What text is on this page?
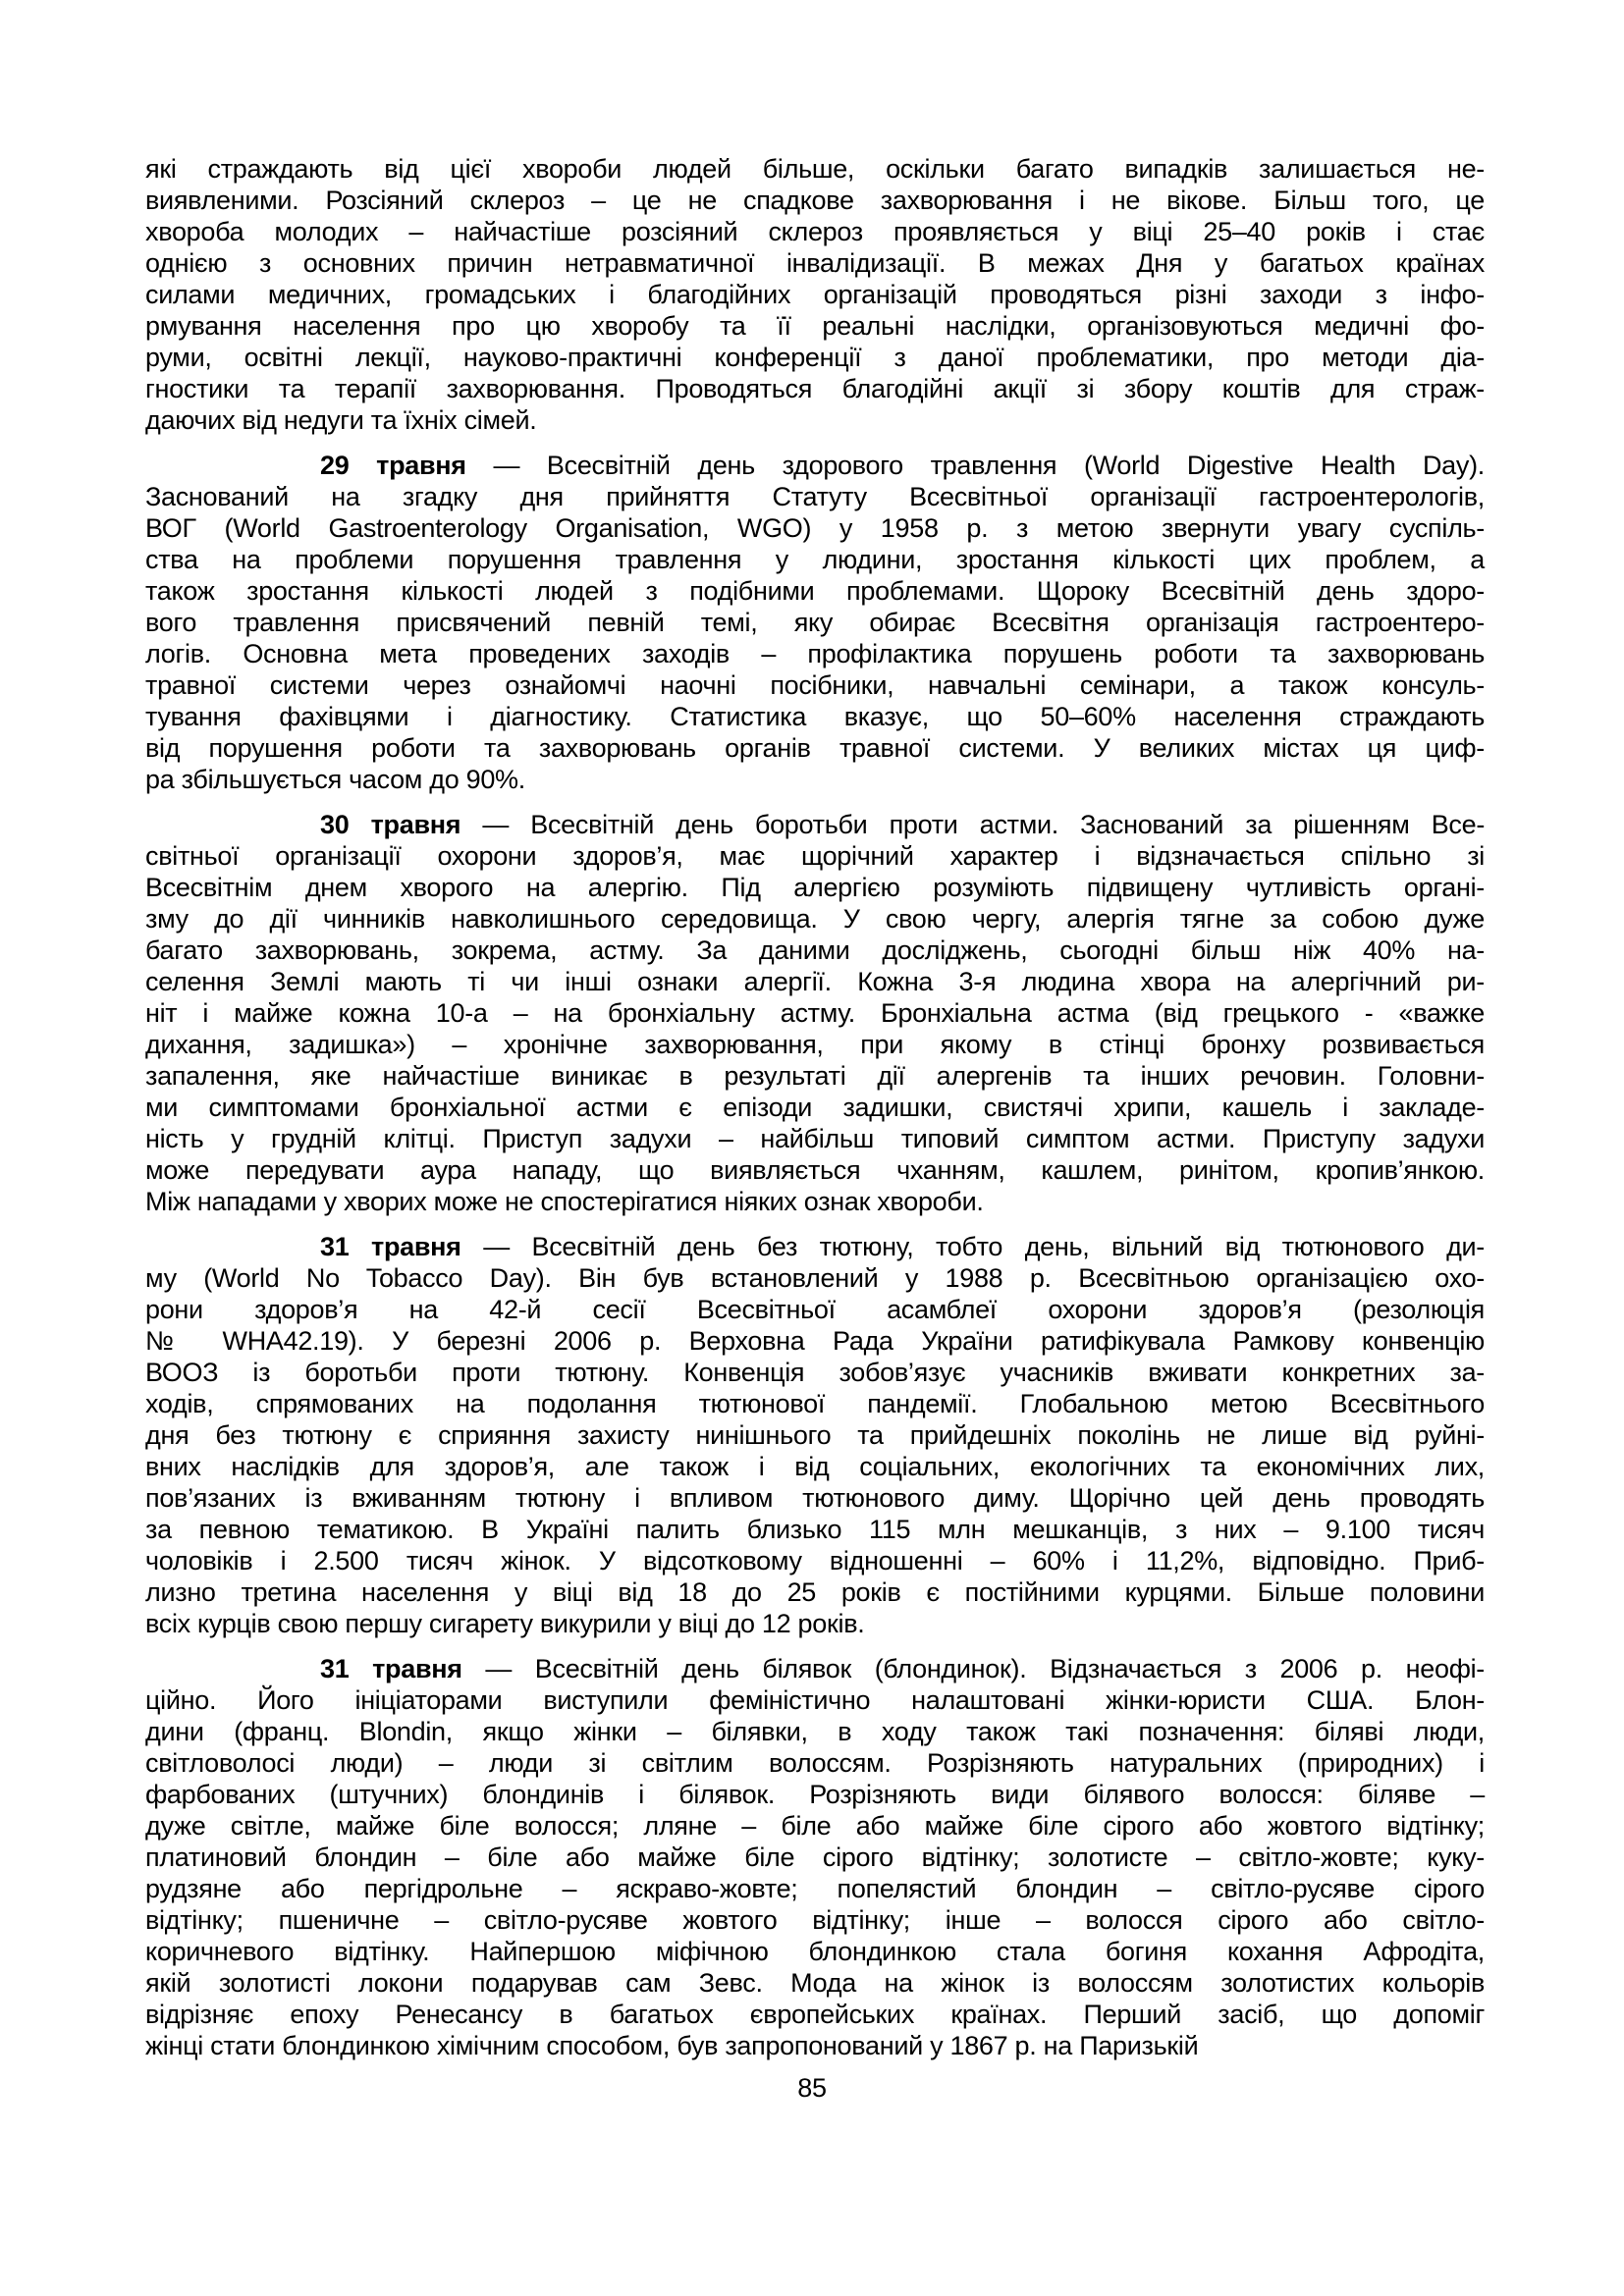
які страждають від цієї хвороби людей більше, оскільки багато випадків залишається не-
виявленими. Розсіяний склероз – це не спадкове захворювання і не вікове. Більш того, це
хвороба молодих – найчастіше розсіяний склероз проявляється у віці 25–40 років і стає
однією з основних причин нетравматичної інвалідизації. В межах Дня у багатьох країнах
силами медичних, громадських і благодійних організацій проводяться різні заходи з інфо-
рмування населення про цю хворобу та її реальні наслідки, організовуються медичні фо-
руми, освітні лекції, науково-практичні конференції з даної проблематики, про методи діа-
гностики та терапії захворювання. Проводяться благодійні акції зі збору коштів для страж-
даючих від недуги та їхніх сімей.
29 травня — Всесвітній день здорового травлення (World Digestive Health Day).
Заснований на згадку дня прийняття Статуту Всесвітньої організації гастроентерологів,
ВОГ (World Gastroenterology Organisation, WGO) у 1958 р. з метою звернути увагу суспіль-
ства на проблеми порушення травлення у людини, зростання кількості цих проблем, а
також зростання кількості людей з подібними проблемами. Щороку Всесвітній день здоро-
вого травлення присвячений певній темі, яку обирає Всесвітня організація гастроентеро-
логів. Основна мета проведених заходів – профілактика порушень роботи та захворювань
травної системи через ознайомчі наочні посібники, навчальні семінари, а також консуль-
тування фахівцями і діагностику. Статистика вказує, що 50–60% населення страждають
від порушення роботи та захворювань органів травної системи. У великих містах ця циф-
ра збільшується часом до 90%.
30 травня — Всесвітній день боротьби проти астми. Заснований за рішенням Все-
світньої організації охорони здоров’я, має щорічний характер і відзначається спільно зі
Всесвітнім днем хворого на алергію. Під алергією розуміють підвищену чутливість органі-
зму до дії чинників навколишнього середовища. У свою чергу, алергія тягне за собою дуже
багато захворювань, зокрема, астму. За даними досліджень, сьогодні більш ніж 40% на-
селення Землі мають ті чи інші ознаки алергії. Кожна 3-я людина хвора на алергічний ри-
ніт і майже кожна 10-а – на бронхіальну астму. Бронхіальна астма (від грецького - «важке
дихання, задишка») – хронічне захворювання, при якому в стінці бронху розвивається
запалення, яке найчастіше виникає в результаті дії алергенів та інших речовин. Головни-
ми симптомами бронхіальної астми є епізоди задишки, свистячі хрипи, кашель і закладе-
ність у грудній клітці. Приступ задухи – найбільш типовий симптом астми. Приступу задухи
може передувати аура нападу, що виявляється чханням, кашлем, ринітом, кропив’янкою.
Між нападами у хворих може не спостерігатися ніяких ознак хвороби.
31 травня — Всесвітній день без тютюну, тобто день, вільний від тютюнового ди-
му (World No Tobacco Day). Він був встановлений у 1988 р. Всесвітньою організацією охо-
рони здоров’я на 42-й сесії Всесвітньої асамблеї охорони здоров’я (резолюція
№ WHA42.19). У березні 2006 р. Верховна Рада України ратифікувала Рамкову конвенцію
ВООЗ із боротьби проти тютюну. Конвенція зобов’язує учасників вживати конкретних за-
ходів, спрямованих на подолання тютюнової пандемії. Глобальною метою Всесвітнього
дня без тютюну є сприяння захисту нинішнього та прийдешніх поколінь не лише від руйні-
вних наслідків для здоров’я, але також і від соціальних, екологічних та економічних лих,
пов’язаних із вживанням тютюну і впливом тютюнового диму. Щорічно цей день проводять
за певною тематикою. В Україні палить близько 115 млн мешканців, з них – 9.100 тисяч
чоловіків і 2.500 тисяч жінок. У відсотковому відношенні – 60% і 11,2%, відповідно. Приб-
лизно третина населення у віці від 18 до 25 років є постійними курцями. Більше половини
всіх курців свою першу сигарету викурили у віці до 12 років.
31 травня — Всесвітній день білявок (блондинок). Відзначається з 2006 р. неофі-
ційно. Його ініціаторами виступили феміністично налаштовані жінки-юристи США. Блон-
дини (франц. Blondin, якщо жінки – білявки, в ходу також такі позначення: біляві люди,
світловолосі люди) – люди зі світлим волоссям. Розрізняють натуральних (природних) і
фарбованих (штучних) блондинів і білявок. Розрізняють види білявого волосся: біляве –
дуже світле, майже біле волосся; лляне – біле або майже біле сірого або жовтого відтінку;
платиновий блондин – біле або майже біле сірого відтінку; золотисте – світло-жовте; куку-
рудзяне або пергідрольне – яскраво-жовте; попелястий блондин – світло-русяве сірого
відтінку; пшеничне – світло-русяве жовтого відтінку; інше – волосся сірого або світло-
коричневого відтінку. Найпершою міфічною блондинкою стала богиня кохання Афродіта,
якій золотисті локони подарував сам Зевс. Мода на жінок із волоссям золотистих кольорів
відрізняє епоху Ренесансу в багатьох європейських країнах. Перший засіб, що допоміг
жінці стати блондинкою хімічним способом, був запропонований у 1867 р. на Паризькій
85
